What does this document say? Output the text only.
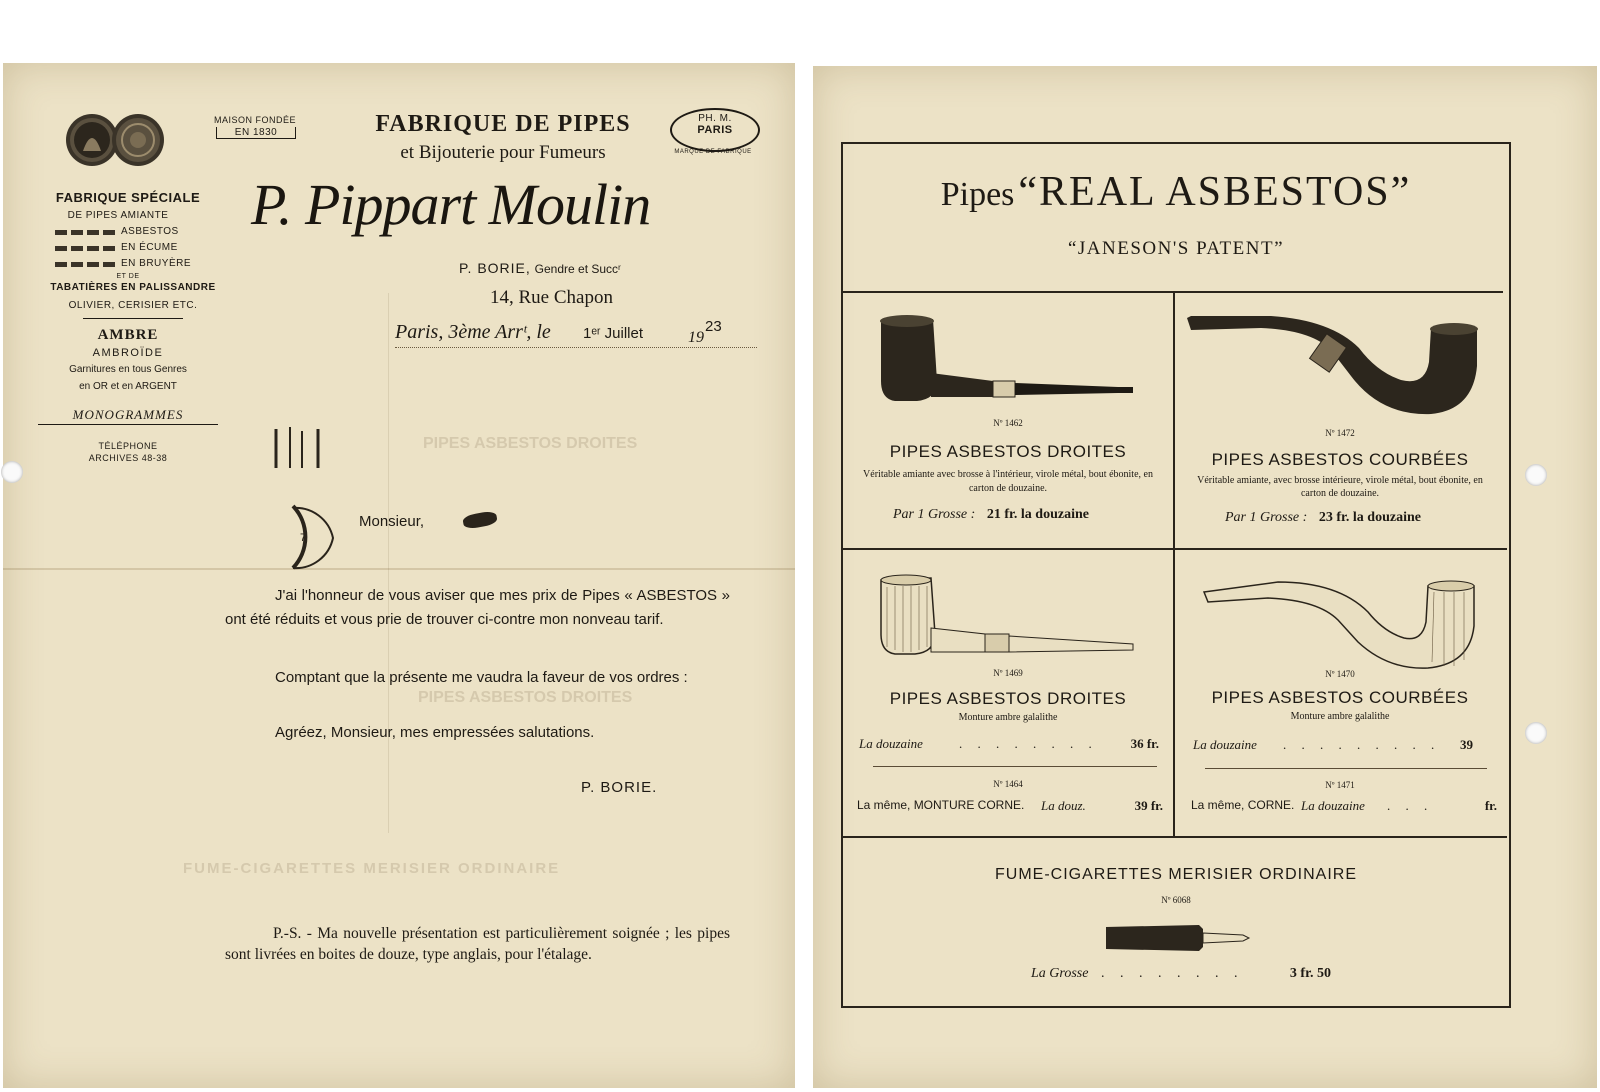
PIPES ASBESTOS DROITES
PIPES ASBESTOS DROITES
FUME-CIGARETTES MERISIER ORDINAIRE
MAISON FONDÉE
EN 1830	FABRIQUE DE PIPES
et Bijouterie pour Fumeurs
PH. M.
PARIS
MARQUE DE FABRIQUE
FABRIQUE SPÉCIALE
DE PIPES AMIANTE
ASBESTOS
EN ÉCUME
EN BRUYÈRE
ET DE
TABATIÈRES EN PALISSANDRE
OLIVIER, CERISIER ETC.
AMBRE
AMBROÏDE
Garnitures en tous Genres
en OR et en ARGENT
MONOGRAMMES
TÉLÉPHONE
ARCHIVES 48-38
P. Pippart Moulin
P. BORIE, Gendre et Succʳ
14, Rue Chapon
Paris, 3ème Arrᵗ, le 1ᵉʳ Juillet	19
23
7
Monsieur,
J'ai l'honneur de vous aviser que mes prix de Pipes « ASBESTOS » ont été réduits et vous prie de trouver ci-contre mon nonveau tarif.
Comptant que la présente me vaudra la faveur de vos ordres :
Agréez, Monsieur, mes empressées salutations.
P. BORIE.
P.-S. - Ma nouvelle présentation est particulièrement soignée ; les pipes sont livrées en boites de douze, type anglais, pour l'étalage.
Pipes “REAL ASBESTOS”
“JANESON'S PATENT”
Nº 1462
PIPES ASBESTOS DROITES
Véritable amiante avec brosse à l'intérieur, virole métal, bout ébonite, en carton de douzaine.
Par 1 Grosse : 21 fr. la douzaine
Nº 1472
PIPES ASBESTOS COURBÉES
Véritable amiante, avec brosse intérieure, virole métal, bout ébonite, en carton de douzaine.
Par 1 Grosse : 23 fr. la douzaine
Nº 1469
PIPES ASBESTOS DROITES
Monture ambre galalithe
La douzaine	. . . . . . . .	36 fr.
Nº 1464
La même, MONTURE CORNE. La douz.	39 fr.
Nº 1470
PIPES ASBESTOS COURBÉES
Monture ambre galalithe
La douzaine . . . . . . . . . 39
Nº 1471
La même, CORNE. La douzaine . . .	fr.
FUME-CIGARETTES MERISIER ORDINAIRE
Nº 6068
La Grosse . . . . . . . .	3 fr. 50
